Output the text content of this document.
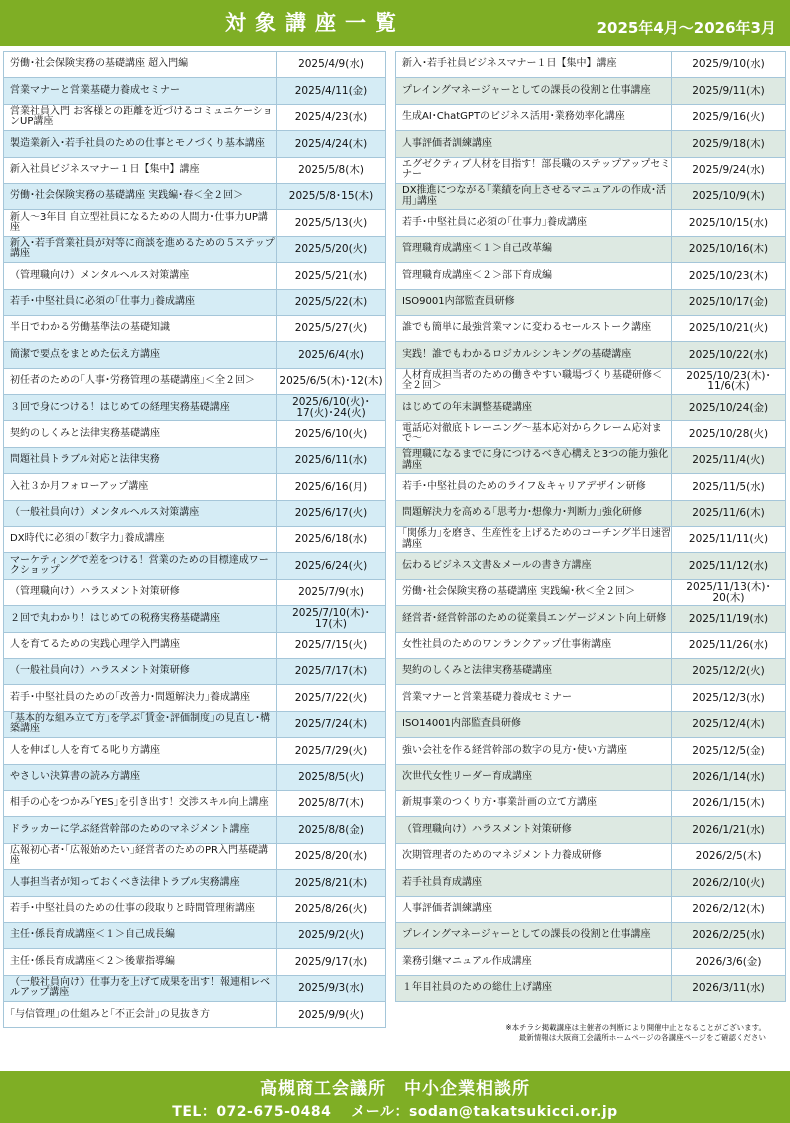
対象講座一覧	2025年4月～2026年3月
労働･社会保険実務の基礎講座 超入門編	2025/4/9(水)
営業マナーと営業基礎力養成セミナー	2025/4/11(金)
営業社員入門 お客様との距離を近づけるコミュニケーションUP講座	2025/4/23(水)
製造業新入･若手社員のための仕事とモノづくり基本講座	2025/4/24(木)
新入社員ビジネスマナー１日【集中】講座	2025/5/8(木)
労働･社会保険実務の基礎講座 実践編･春＜全２回＞	2025/5/8･15(木)
新人～3年目 自立型社員になるための人間力･仕事力UP講座	2025/5/13(火)
新入･若手営業社員が対等に商談を進めるための５ステップ講座	2025/5/20(火)
（管理職向け）メンタルヘルス対策講座	2025/5/21(水)
若手･中堅社員に必須の｢仕事力｣養成講座	2025/5/22(木)
半日でわかる労働基準法の基礎知識	2025/5/27(火)
簡潔で要点をまとめた伝え方講座	2025/6/4(水)
初任者のための｢人事･労務管理の基礎講座｣＜全２回＞	2025/6/5(木)･12(木)
３回で身につける！はじめての経理実務基礎講座	2025/6/10(火)･17(火)･24(火)
契約のしくみと法律実務基礎講座	2025/6/10(火)
問題社員トラブル対応と法律実務	2025/6/11(水)
入社３か月フォローアップ講座	2025/6/16(月)
（一般社員向け）メンタルヘルス対策講座	2025/6/17(火)
DX時代に必須の｢数字力｣養成講座	2025/6/18(水)
マーケティングで差をつける！営業のための目標達成ワークショップ	2025/6/24(火)
（管理職向け）ハラスメント対策研修	2025/7/9(水)
２回で丸わかり！はじめての税務実務基礎講座	2025/7/10(木)･17(木)
人を育てるための実践心理学入門講座	2025/7/15(火)
（一般社員向け）ハラスメント対策研修	2025/7/17(木)
若手･中堅社員のための｢改善力･問題解決力｣養成講座	2025/7/22(火)
｢基本的な組み立て方｣を学ぶ｢賃金･評価制度｣の見直し･構築講座	2025/7/24(木)
人を伸ばし人を育てる叱り方講座	2025/7/29(火)
やさしい決算書の読み方講座	2025/8/5(火)
相手の心をつかみ｢YES｣を引き出す！交渉スキル向上講座	2025/8/7(木)
ドラッカーに学ぶ経営幹部のためのマネジメント講座	2025/8/8(金)
広報初心者･｢広報始めたい｣経営者のためのPR入門基礎講座	2025/8/20(水)
人事担当者が知っておくべき法律トラブル実務講座	2025/8/21(木)
若手･中堅社員のための仕事の段取りと時間管理術講座	2025/8/26(火)
主任･係長育成講座＜１＞自己成長編	2025/9/2(火)
主任･係長育成講座＜２＞後輩指導編	2025/9/17(水)
（一般社員向け）仕事力を上げて成果を出す！報連相レベルアップ講座	2025/9/3(水)
｢与信管理｣の仕組みと｢不正会計｣の見抜き方	2025/9/9(火)
新入･若手社員ビジネスマナー１日【集中】講座	2025/9/10(水)
プレイングマネージャーとしての課長の役割と仕事講座	2025/9/11(木)
生成AI･ChatGPTのビジネス活用･業務効率化講座	2025/9/16(火)
人事評価者訓練講座	2025/9/18(木)
エグゼクティブ人材を目指す！部長職のステップアップセミナー	2025/9/24(水)
DX推進につながる｢業績を向上させるマニュアルの作成･活用｣講座	2025/10/9(木)
若手･中堅社員に必須の｢仕事力｣養成講座	2025/10/15(水)
管理職育成講座＜１＞自己改革編	2025/10/16(木)
管理職育成講座＜２＞部下育成編	2025/10/23(木)
ISO9001内部監査員研修	2025/10/17(金)
誰でも簡単に最強営業マンに変わるセールストーク講座	2025/10/21(火)
実践！誰でもわかるロジカルシンキングの基礎講座	2025/10/22(水)
人材育成担当者のための働きやすい職場づくり基礎研修＜全２回＞	2025/10/23(木)･11/6(木)
はじめての年末調整基礎講座	2025/10/24(金)
電話応対徹底トレーニング～基本応対からクレーム応対まで～	2025/10/28(火)
管理職になるまでに身につけるべき心構えと3つの能力強化講座	2025/11/4(火)
若手･中堅社員のためのライフ＆キャリアデザイン研修	2025/11/5(水)
問題解決力を高める｢思考力･想像力･判断力｣強化研修	2025/11/6(木)
｢関係力｣を磨き、生産性を上げるためのコーチング半日速習講座	2025/11/11(火)
伝わるビジネス文書＆メールの書き方講座	2025/11/12(水)
労働･社会保険実務の基礎講座 実践編･秋＜全２回＞	2025/11/13(木)･20(木)
経営者･経営幹部のための従業員エンゲージメント向上研修	2025/11/19(水)
女性社員のためのワンランクアップ仕事術講座	2025/11/26(水)
契約のしくみと法律実務基礎講座	2025/12/2(火)
営業マナーと営業基礎力養成セミナー	2025/12/3(水)
ISO14001内部監査員研修	2025/12/4(木)
強い会社を作る経営幹部の数字の見方･使い方講座	2025/12/5(金)
次世代女性リーダー育成講座	2026/1/14(水)
新規事業のつくり方･事業計画の立て方講座	2026/1/15(木)
（管理職向け）ハラスメント対策研修	2026/1/21(水)
次期管理者のためのマネジメント力養成研修	2026/2/5(木)
若手社員育成講座	2026/2/10(火)
人事評価者訓練講座	2026/2/12(木)
プレイングマネージャーとしての課長の役割と仕事講座	2026/2/25(水)
業務引継マニュアル作成講座	2026/3/6(金)
１年目社員のための総仕上げ講座	2026/3/11(水)
※本チラシ掲載講座は主催者の判断により開催中止となることがございます。
最新情報は大阪商工会議所ホームページの各講座ページをご確認ください
高槻商工会議所　中小企業相談所
TEL：072-675-0484　 メール：sodan@takatsukicci.or.jp
